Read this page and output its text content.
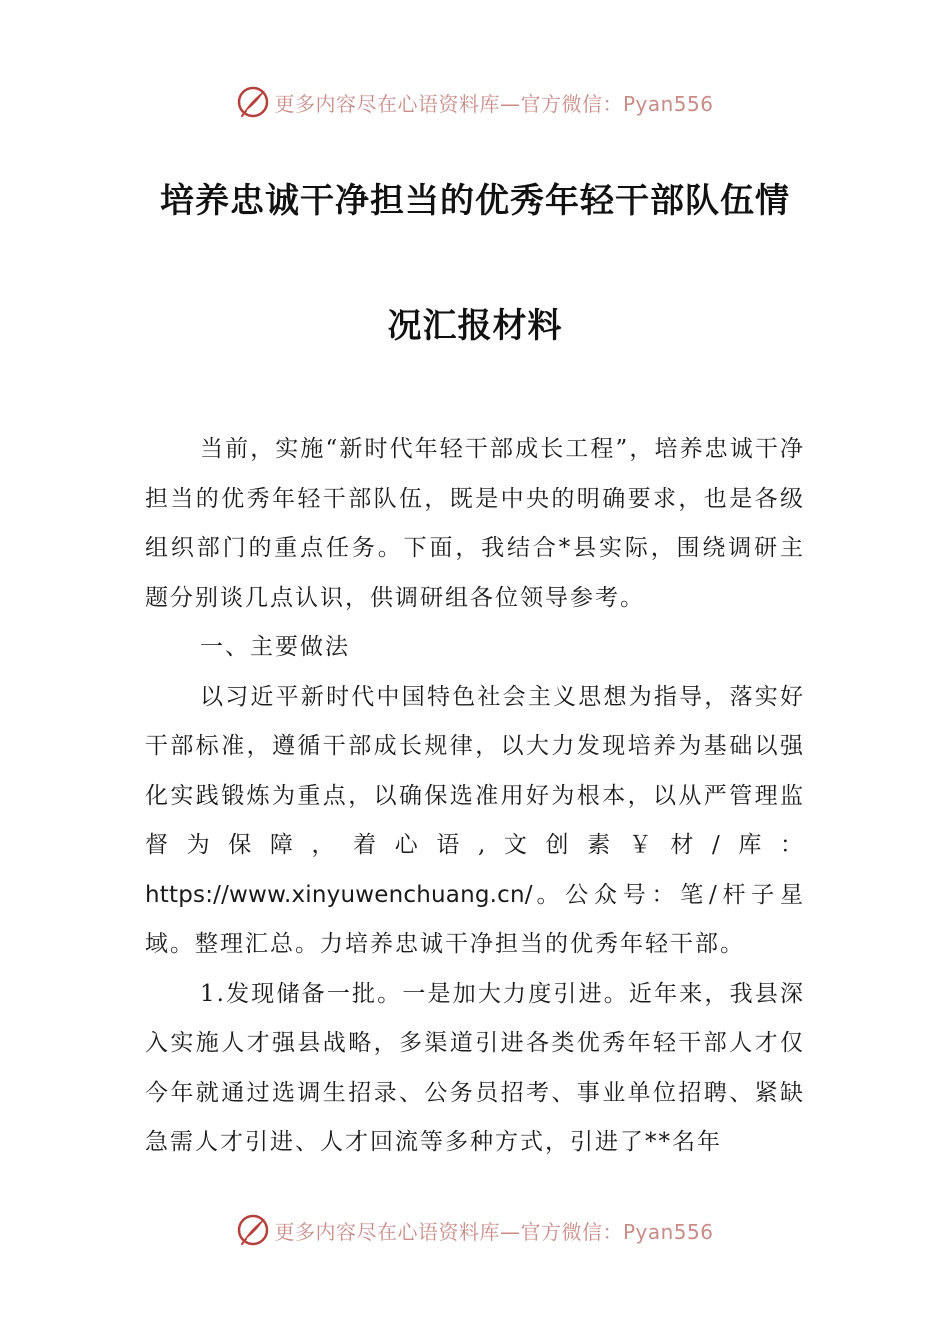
更多内容尽在心语资料库—官方微信：Pyan556
培养忠诚干净担当的优秀年轻干部队伍情
况汇报材料

当前，实施“新时代年轻干部成长工程”，培养忠诚干净担当的优秀年轻干部队伍，既是中央的明确要求，也是各级组织部门的重点任务。下面，我结合*县实际，围绕调研主题分别谈几点认识，供调研组各位领导参考。

一、主要做法

以习近平新时代中国特色社会主义思想为指导，落实好干部标准，遵循干部成长规律，以大力发现培养为基础以强化实践锻炼为重点，以确保选准用好为根本，以从严管理监督为保障，着心语,文创素￥材/库：https://www.xinyuwenchuang.cn/。公众号：笔/杆子星域。整理汇总。力培养忠诚干净担当的优秀年轻干部。

1.发现储备一批。一是加大力度引进。近年来，我县深入实施人才强县战略，多渠道引进各类优秀年轻干部人才仅今年就通过选调生招录、公务员招考、事业单位招聘、紧缺急需人才引进、人才回流等多种方式，引进了**名年

更多内容尽在心语资料库—官方微信：Pyan556
